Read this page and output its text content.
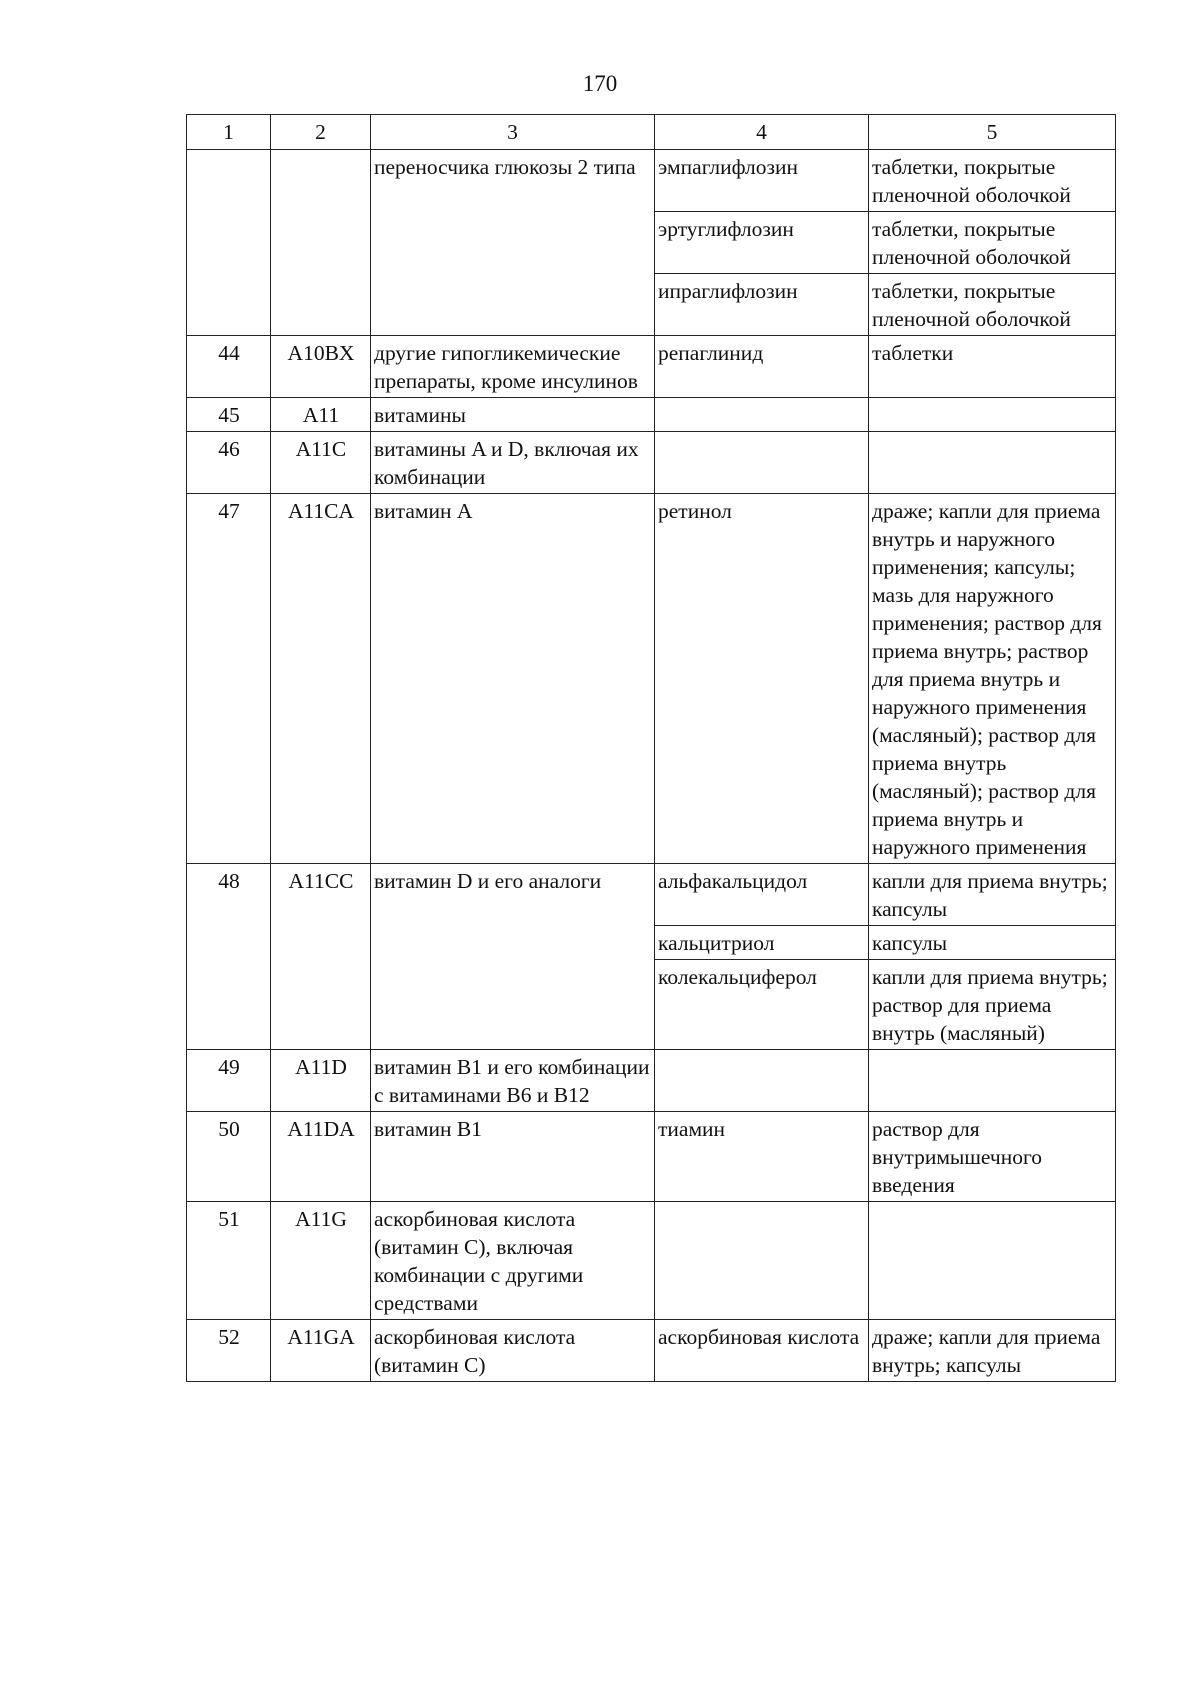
170
1	2	3	4	5
		переносчика глюкозы 2 типа	эмпаглифлозин	таблетки, покрытые пленочной оболочкой
			эртуглифлозин	таблетки, покрытые пленочной оболочкой
			ипраглифлозин	таблетки, покрытые пленочной оболочкой
44	A10BX	другие гипогликемические препараты, кроме инсулинов	репаглинид	таблетки
45	A11	витамины		
46	A11C	витамины A и D, включая их комбинации		
47	A11CA	витамин A	ретинол	драже; капли для приема внутрь и наружного применения; капсулы; мазь для наружного применения; раствор для приема внутрь; раствор для приема внутрь и наружного применения (масляный); раствор для приема внутрь (масляный); раствор для приема внутрь и наружного применения
48	A11CC	витамин D и его аналоги	альфакальцидол	капли для приема внутрь; капсулы
			кальцитриол	капсулы
			колекальциферол	капли для приема внутрь; раствор для приема внутрь (масляный)
49	A11D	витамин B1 и его комбинации с витаминами B6 и B12		
50	A11DA	витамин B1	тиамин	раствор для внутримышечного введения
51	A11G	аскорбиновая кислота (витамин C), включая комбинации с другими средствами		
52	A11GA	аскорбиновая кислота (витамин C)	аскорбиновая кислота	драже; капли для приема внутрь; капсулы
